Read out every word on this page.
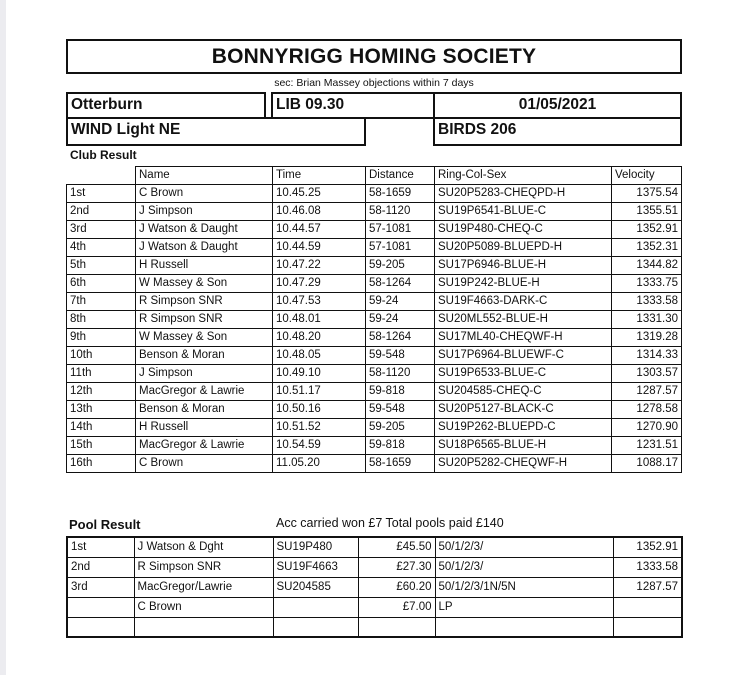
BONNYRIGG HOMING SOCIETY
sec: Brian Massey objections within 7 days
Otterburn	LIB 09.30	01/05/2021
WIND Light NE	BIRDS 206
Club Result
	Name	Time	Distance	Ring-Col-Sex	Velocity
1st	C Brown	10.45.25	58-1659	SU20P5283-CHEQPD-H	1375.54
2nd	J Simpson	10.46.08	58-1120	SU19P6541-BLUE-C	1355.51
3rd	J Watson & Daught	10.44.57	57-1081	SU19P480-CHEQ-C	1352.91
4th	J Watson & Daught	10.44.59	57-1081	SU20P5089-BLUEPD-H	1352.31
5th	H Russell	10.47.22	59-205	SU17P6946-BLUE-H	1344.82
6th	W Massey & Son	10.47.29	58-1264	SU19P242-BLUE-H	1333.75
7th	R Simpson SNR	10.47.53	59-24	SU19F4663-DARK-C	1333.58
8th	R Simpson SNR	10.48.01	59-24	SU20ML552-BLUE-H	1331.30
9th	W Massey & Son	10.48.20	58-1264	SU17ML40-CHEQWF-H	1319.28
10th	Benson & Moran	10.48.05	59-548	SU17P6964-BLUEWF-C	1314.33
11th	J Simpson	10.49.10	58-1120	SU19P6533-BLUE-C	1303.57
12th	MacGregor & Lawrie	10.51.17	59-818	SU204585-CHEQ-C	1287.57
13th	Benson & Moran	10.50.16	59-548	SU20P5127-BLACK-C	1278.58
14th	H Russell	10.51.52	59-205	SU19P262-BLUEPD-C	1270.90
15th	MacGregor & Lawrie	10.54.59	59-818	SU18P6565-BLUE-H	1231.51
16th	C Brown	11.05.20	58-1659	SU20P5282-CHEQWF-H	1088.17
Pool Result	Acc carried won £7 Total pools paid £140
1st	J Watson & Dght	SU19P480	£45.50	50/1/2/3/	1352.91
2nd	R Simpson SNR	SU19F4663	£27.30	50/1/2/3/	1333.58
3rd	MacGregor/Lawrie	SU204585	£60.20	50/1/2/3/1N/5N	1287.57
	C Brown		£7.00	LP	
